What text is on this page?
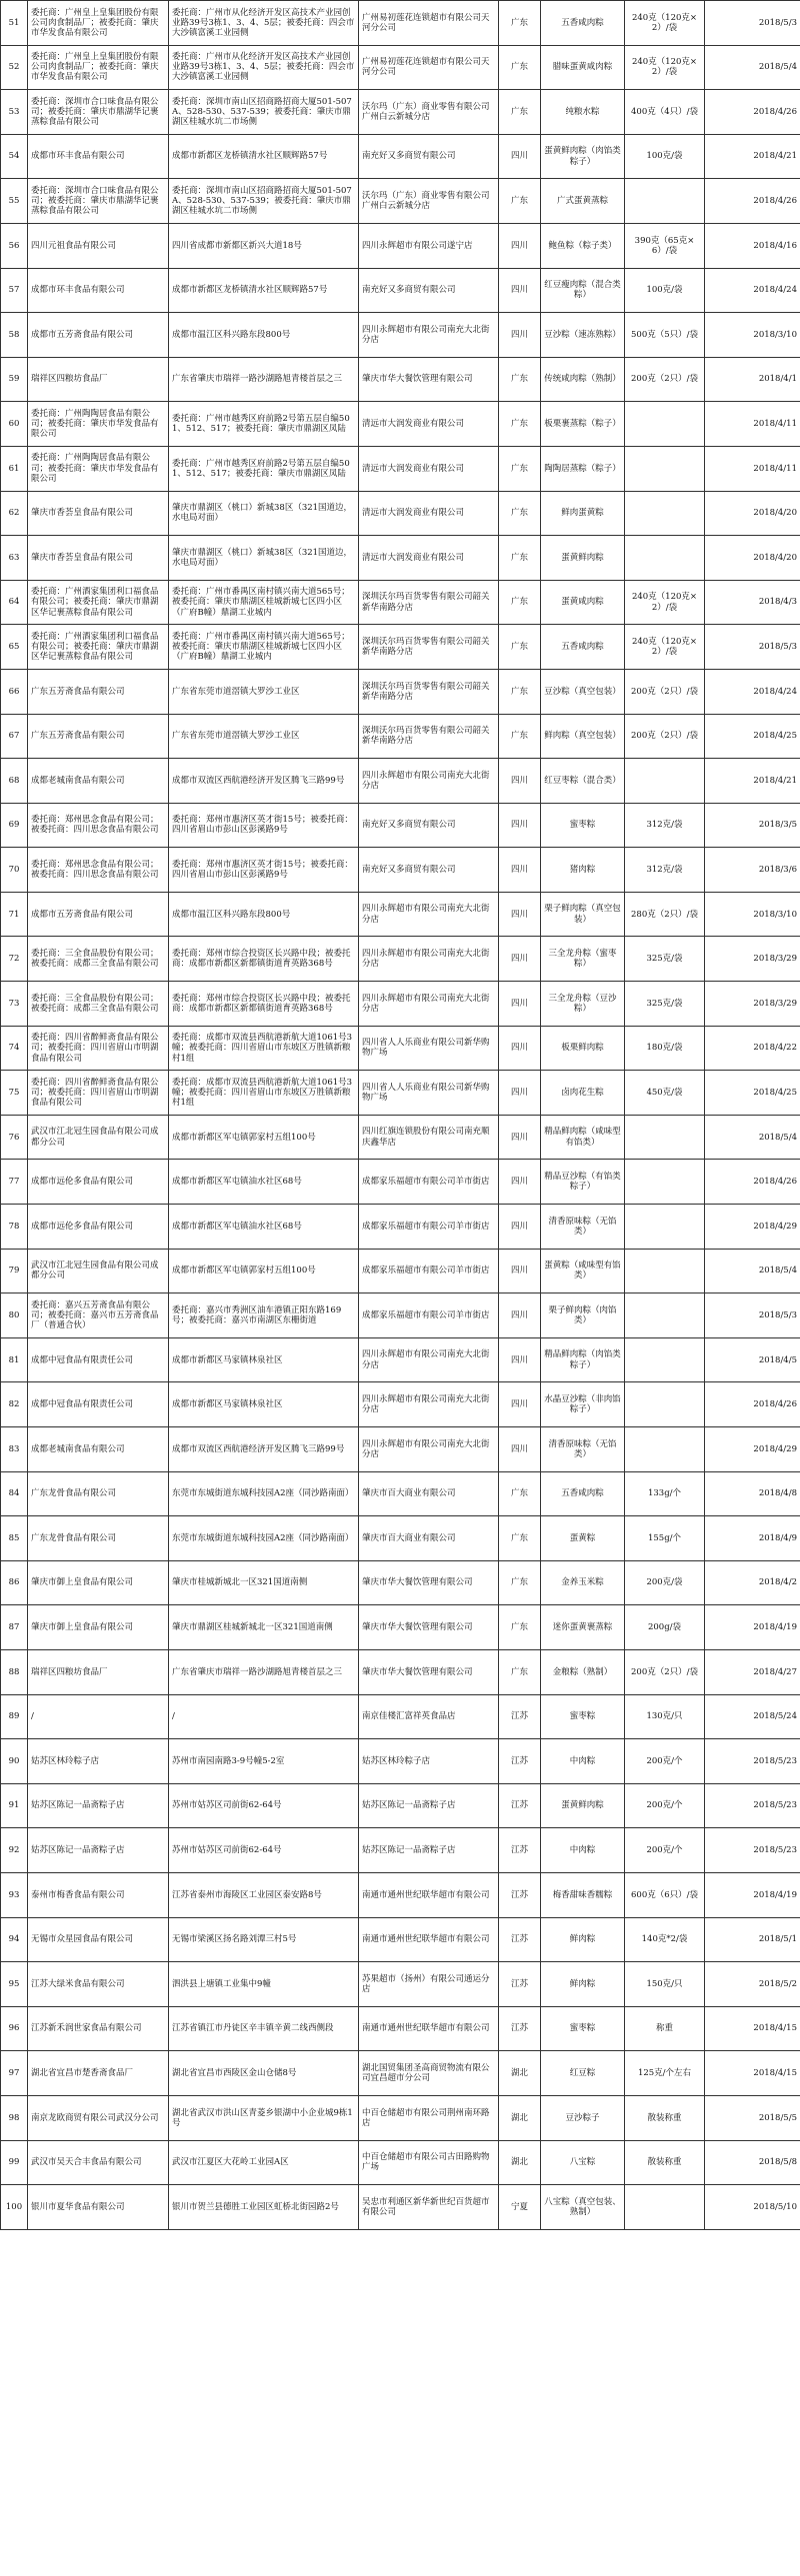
51	委托商：广州皇上皇集团股份有限公司肉食制品厂；被委托商：肇庆市华发食品有限公司	委托商：广州市从化经济开发区高技术产业园创业路39号3栋1、3、4、5层；被委托商：四会市大沙镇富溪工业园侧	广州易初莲花连锁超市有限公司天河分公司	广东	五香咸肉粽	240克（120克×2）/袋	2018/5/3
52	委托商：广州皇上皇集团股份有限公司肉食制品厂；被委托商：肇庆市华发食品有限公司	委托商：广州市从化经济开发区高技术产业园创业路39号3栋1、3、4、5层；被委托商：四会市大沙镇富溪工业园侧	广州易初莲花连锁超市有限公司天河分公司	广东	腊味蛋黄咸肉粽	240克（120克×2）/袋	2018/5/4
53	委托商：深圳市合口味食品有限公司；被委托商：肇庆市鼎湖华记裹蒸粽食品有限公司	委托商：深圳市南山区招商路招商大厦501-507A、528-530、537-539；被委托商：肇庆市鼎湖区桂城水坑二市场侧	沃尔玛（广东）商业零售有限公司广州白云新城分店	广东	纯粮水粽	400克（4只）/袋	2018/4/26
54	成都市环丰食品有限公司	成都市新都区龙桥镇清水社区顺辉路57号	南充好又多商贸有限公司	四川	蛋黄鲜肉粽（肉馅类粽子）	100克/袋	2018/4/21
55	委托商：深圳市合口味食品有限公司；被委托商：肇庆市鼎湖华记裹蒸粽食品有限公司	委托商：深圳市南山区招商路招商大厦501-507A、528-530、537-539；被委托商：肇庆市鼎湖区桂城水坑二市场侧	沃尔玛（广东）商业零售有限公司广州白云新城分店	广东	广式蛋黄蒸粽		2018/4/26
56	四川元祖食品有限公司	四川省成都市新都区新兴大道18号	四川永辉超市有限公司遂宁店	四川	鲍鱼粽（粽子类）	390克（65克×6）/袋	2018/4/16
57	成都市环丰食品有限公司	成都市新都区龙桥镇清水社区顺辉路57号	南充好又多商贸有限公司	四川	红豆瘦肉粽（混合类粽）	100克/袋	2018/4/24
58	成都市五芳斋食品有限公司	成都市温江区科兴路东段800号	四川永辉超市有限公司南充大北街分店	四川	豆沙粽（速冻熟粽）	500克（5只）/袋	2018/3/10
59	瑞祥区四粮坊食品厂	广东省肇庆市瑞祥一路沙湖路旭青楼首层之三	肇庆市华大餐饮管理有限公司	广东	传统咸肉粽（熟制）	200克（2只）/袋	2018/4/1
60	委托商：广州陶陶居食品有限公司；被委托商：肇庆市华发食品有限公司	委托商：广州市越秀区府前路2号第五层自编501、512、517；被委托商：肇庆市鼎湖区凤陆	清远市大润发商业有限公司	广东	板栗裹蒸粽（粽子）		2018/4/11
61	委托商：广州陶陶居食品有限公司；被委托商：肇庆市华发食品有限公司	委托商：广州市越秀区府前路2号第五层自编501、512、517；被委托商：肇庆市鼎湖区凤陆	清远市大润发商业有限公司	广东	陶陶居蒸粽（粽子）		2018/4/11
62	肇庆市香荟皇食品有限公司	肇庆市鼎湖区（桃口）新城38区（321国道边，水电局对面）	清远市大润发商业有限公司	广东	鲜肉蛋黄粽		2018/4/20
63	肇庆市香荟皇食品有限公司	肇庆市鼎湖区（桃口）新城38区（321国道边，水电局对面）	清远市大润发商业有限公司	广东	蛋黄鲜肉粽		2018/4/20
64	委托商：广州酒家集团利口福食品有限公司；被委托商：肇庆市鼎湖区华记裹蒸粽食品有限公司	委托商：广州市番禺区南村镇兴南大道565号；被委托商：肇庆市鼎湖区桂城新城七区四小区（广府B幢）鼎湖工业城内	深圳沃尔玛百货零售有限公司韶关新华南路分店	广东	蛋黄咸肉粽	240克（120克×2）/袋	2018/4/3
65	委托商：广州酒家集团利口福食品有限公司；被委托商：肇庆市鼎湖区华记裹蒸粽食品有限公司	委托商：广州市番禺区南村镇兴南大道565号；被委托商：肇庆市鼎湖区桂城新城七区四小区（广府B幢）鼎湖工业城内	深圳沃尔玛百货零售有限公司韶关新华南路分店	广东	五香咸肉粽	240克（120克×2）/袋	2018/5/3
66	广东五芳斋食品有限公司	广东省东莞市道滘镇大罗沙工业区	深圳沃尔玛百货零售有限公司韶关新华南路分店	广东	豆沙粽（真空包装）	200克（2只）/袋	2018/4/24
67	广东五芳斋食品有限公司	广东省东莞市道滘镇大罗沙工业区	深圳沃尔玛百货零售有限公司韶关新华南路分店	广东	鲜肉粽（真空包装）	200克（2只）/袋	2018/4/25
68	成都老城南食品有限公司	成都市双流区西航港经济开发区腾飞三路99号	四川永辉超市有限公司南充大北街分店	四川	红豆枣粽（混合类）		2018/4/21
69	委托商：郑州思念食品有限公司；被委托商：四川思念食品有限公司	委托商：郑州市惠济区英才街15号；被委托商：四川省眉山市彭山区彭溪路9号	南充好又多商贸有限公司	四川	蜜枣粽	312克/袋	2018/3/5
70	委托商：郑州思念食品有限公司；被委托商：四川思念食品有限公司	委托商：郑州市惠济区英才街15号；被委托商：四川省眉山市彭山区彭溪路9号	南充好又多商贸有限公司	四川	猪肉粽	312克/袋	2018/3/6
71	成都市五芳斋食品有限公司	成都市温江区科兴路东段800号	四川永辉超市有限公司南充大北街分店	四川	栗子鲜肉粽（真空包装）	280克（2只）/袋	2018/3/10
72	委托商：三全食品股份有限公司；被委托商：成都三全食品有限公司	委托商：郑州市综合投资区长兴路中段；被委托商：成都市新都区新都镇街道育英路368号	四川永辉超市有限公司南充大北街分店	四川	三全龙舟粽（蜜枣粽）	325克/袋	2018/3/29
73	委托商：三全食品股份有限公司；被委托商：成都三全食品有限公司	委托商：郑州市综合投资区长兴路中段；被委托商：成都市新都区新都镇街道育英路368号	四川永辉超市有限公司南充大北街分店	四川	三全龙舟粽（豆沙粽）	325克/袋	2018/3/29
74	委托商：四川省醉鲜斋食品有限公司；被委托商：四川省眉山市明湖食品有限公司	委托商：成都市双流县西航港新航大道1061号3幢；被委托商：四川省眉山市东坡区万胜镇新粮村1组	四川省人人乐商业有限公司新华购物广场	四川	板栗鲜肉粽	180克/袋	2018/4/22
75	委托商：四川省醉鲜斋食品有限公司；被委托商：四川省眉山市明湖食品有限公司	委托商：成都市双流县西航港新航大道1061号3幢；被委托商：四川省眉山市东坡区万胜镇新粮村1组	四川省人人乐商业有限公司新华购物广场	四川	卤肉花生粽	450克/袋	2018/4/25
76	武汉市江北冠生园食品有限公司成都分公司	成都市新都区军屯镇郭家村五组100号	四川红旗连锁股份有限公司南充顺庆鑫华店	四川	精品鲜肉粽（咸味型有馅类）		2018/5/4
77	成都市远伦多食品有限公司	成都市新都区军屯镇油水社区68号	成都家乐福超市有限公司羊市街店	四川	精品豆沙粽（有馅类粽子）		2018/4/26
78	成都市远伦多食品有限公司	成都市新都区军屯镇油水社区68号	成都家乐福超市有限公司羊市街店	四川	清香原味粽（无馅类）		2018/4/29
79	武汉市江北冠生园食品有限公司成都分公司	成都市新都区军屯镇郭家村五组100号	成都家乐福超市有限公司羊市街店	四川	蛋黄粽（咸味型有馅类）		2018/5/4
80	委托商：嘉兴五芳斋食品有限公司；被委托商：嘉兴市五芳斋食品厂（普通合伙）	委托商：嘉兴市秀洲区油车港镇正阳东路169号；被委托商：嘉兴市南湖区东栅街道	成都家乐福超市有限公司羊市街店	四川	栗子鲜肉粽（肉馅类）		2018/5/3
81	成都中冠食品有限责任公司	成都市新都区马家镇林泉社区	四川永辉超市有限公司南充大北街分店	四川	精品鲜肉粽（肉馅类粽子）		2018/4/5
82	成都中冠食品有限责任公司	成都市新都区马家镇林泉社区	四川永辉超市有限公司南充大北街分店	四川	水晶豆沙粽（非肉馅粽子）		2018/4/26
83	成都老城南食品有限公司	成都市双流区西航港经济开发区腾飞三路99号	四川永辉超市有限公司南充大北街分店	四川	清香原味粽（无馅类）		2018/4/29
84	广东龙骨食品有限公司	东莞市东城街道东城科技园A2座（同沙路南面）	肇庆市百大商业有限公司	广东	五香咸肉粽	133g/个	2018/4/8
85	广东龙骨食品有限公司	东莞市东城街道东城科技园A2座（同沙路南面）	肇庆市百大商业有限公司	广东	蛋黄粽	155g/个	2018/4/9
86	肇庆市御上皇食品有限公司	肇庆市桂城新城北一区321国道南侧	肇庆市华大餐饮管理有限公司	广东	金养玉米粽	200克/袋	2018/4/2
87	肇庆市御上皇食品有限公司	肇庆市鼎湖区桂城新城北一区321国道南侧	肇庆市华大餐饮管理有限公司	广东	迷你蛋黄裹蒸粽	200g/袋	2018/4/19
88	瑞祥区四粮坊食品厂	广东省肇庆市瑞祥一路沙湖路旭青楼首层之三	肇庆市华大餐饮管理有限公司	广东	金粮粽（熟制）	200克（2只）/袋	2018/4/27
89	/	/	南京佳楼汇富祥英食品店	江苏	蜜枣粽	130克/只	2018/5/24
90	姑苏区林玲粽子店	苏州市南园南路3-9号幢5-2室	姑苏区林玲粽子店	江苏	中肉粽	200克/个	2018/5/23
91	姑苏区陈记一品斋粽子店	苏州市姑苏区司前街62-64号	姑苏区陈记一品斋粽子店	江苏	蛋黄鲜肉粽	200克/个	2018/5/23
92	姑苏区陈记一品斋粽子店	苏州市姑苏区司前街62-64号	姑苏区陈记一品斋粽子店	江苏	中肉粽	200克/个	2018/5/23
93	泰州市梅香食品有限公司	江苏省泰州市海陵区工业园区泰安路8号	南通市通州世纪联华超市有限公司	江苏	梅香甜味香糯粽	600克（6只）/袋	2018/4/19
94	无锡市众星园食品有限公司	无锡市梁溪区扬名路刘潭三村5号	南通市通州世纪联华超市有限公司	江苏	鲜肉粽	140克*2/袋	2018/5/1
95	江苏大绿米食品有限公司	泗洪县上塘镇工业集中9幢	苏果超市（扬州）有限公司通运分店	江苏	鲜肉粽	150克/只	2018/5/2
96	江苏新禾润世家食品有限公司	江苏省镇江市丹徒区辛丰镇辛黄二线西侧段	南通市通州世纪联华超市有限公司	江苏	蜜枣粽	称重	2018/4/15
97	湖北省宜昌市楚香斋食品厂	湖北省宜昌市西陵区金山仓储8号	湖北国贸集团圣高商贸物流有限公司宜昌超市分公司	湖北	红豆粽	125克/个左右	2018/4/15
98	南京龙欧商贸有限公司武汉分公司	湖北省武汉市洪山区青菱乡银湖中小企业城9栋1号	中百仓储超市有限公司荆州南环路店	湖北	豆沙粽子	散装称重	2018/5/5
99	武汉市吴天合丰食品有限公司	武汉市江夏区大花岭工业园A区	中百仓储超市有限公司古田路购物广场	湖北	八宝粽	散装称重	2018/5/8
100	银川市夏华食品有限公司	银川市贺兰县德胜工业园区虹桥北街园路2号	吴忠市利通区新华新世纪百货超市有限公司	宁夏	八宝粽（真空包装、熟制）		2018/5/10
